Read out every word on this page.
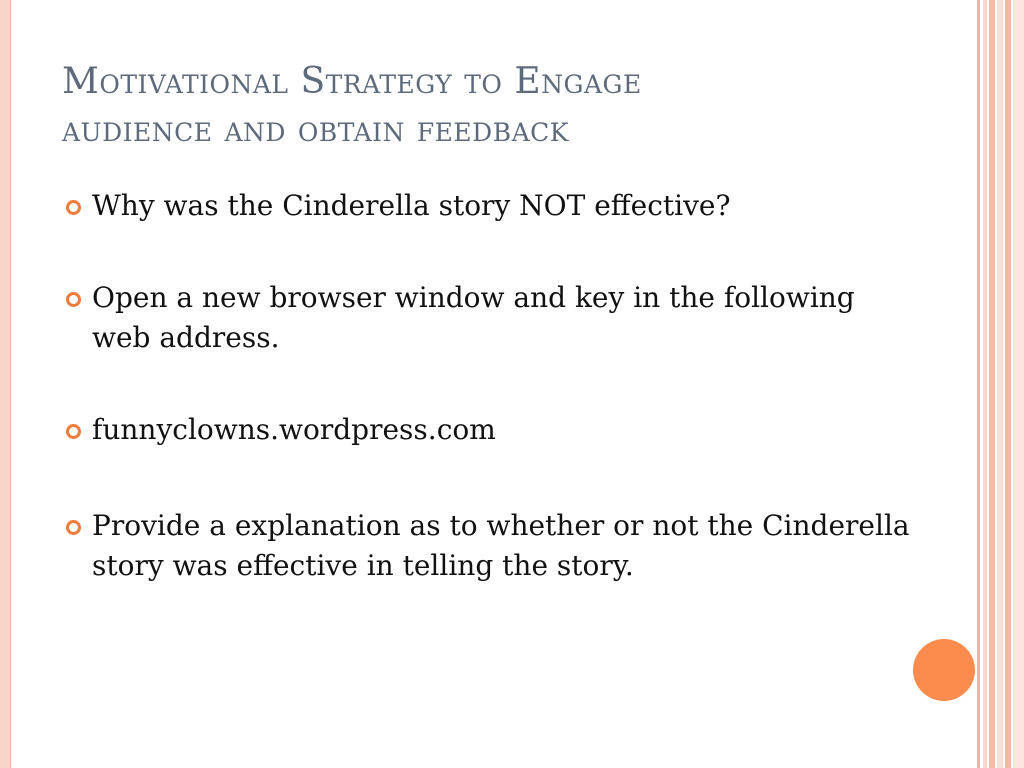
Motivational Strategy to Engage
audience and obtain feedback
Why was the Cinderella story NOT effective?
Open a new browser window and key in the following web address.
funnyclowns.wordpress.com
Provide a explanation as to whether or not the Cinderella story was effective in telling the story.
